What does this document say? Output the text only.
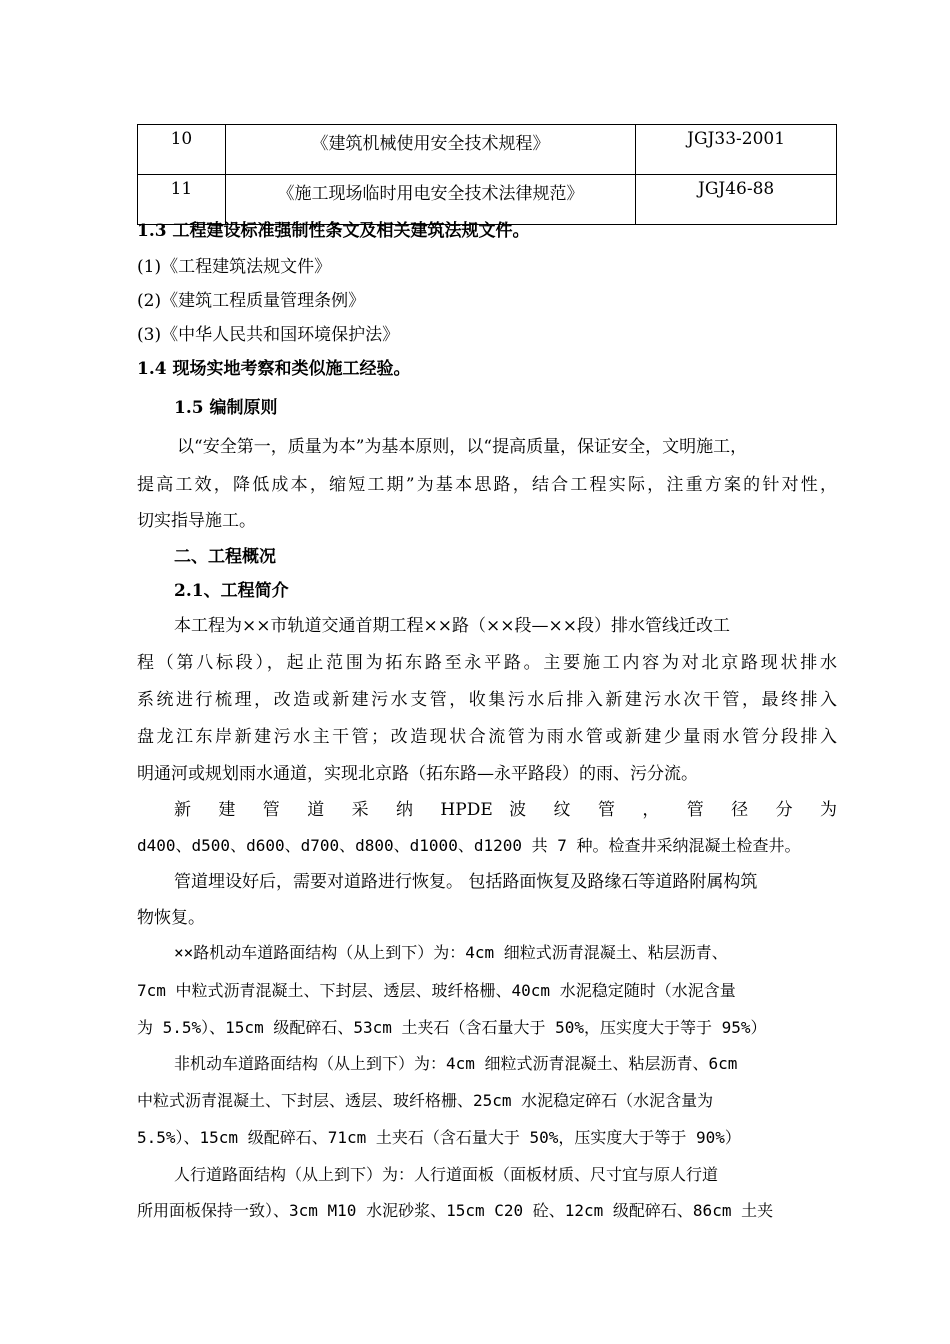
10	《建筑机械使用安全技术规程》	JGJ33-2001
11	《施工现场临时用电安全技术法律规范》	JGJ46-88
1.3 工程建设标准强制性条文及相关建筑法规文件。
(1)《工程建筑法规文件》
(2)《建筑工程质量管理条例》
(3)《中华人民共和国环境保护法》
1.4 现场实地考察和类似施工经验。
1.5 编制原则
以“安全第一，质量为本”为基本原则，以“提高质量，保证安全，文明施工，
提高工效，降低成本，缩短工期”为基本思路，结合工程实际，注重方案的针对性，
切实指导施工。
二、工程概况
2.1、工程简介
本工程为××市轨道交通首期工程××路（××段—××段）排水管线迁改工
程（第八标段），起止范围为拓东路至永平路。主要施工内容为对北京路现状排水
系统进行梳理，改造或新建污水支管，收集污水后排入新建污水次干管，最终排入
盘龙江东岸新建污水主干管；改造现状合流管为雨水管或新建少量雨水管分段排入
明通河或规划雨水通道，实现北京路（拓东路—永平路段）的雨、污分流。
新 建 管 道 采 纳 HPDE 波 纹 管 ， 管 径 分 为
d400、d500、d600、d700、d800、d1000、d1200 共 7 种。检查井采纳混凝土检查井。
管道埋设好后，需要对道路进行恢复。 包括路面恢复及路缘石等道路附属构筑
物恢复。
××路机动车道路面结构（从上到下）为：4cm 细粒式沥青混凝土、粘层沥青、
7cm 中粒式沥青混凝土、下封层、透层、玻纤格栅、40cm 水泥稳定随时（水泥含量
为 5.5%）、15cm 级配碎石、53cm 土夹石（含石量大于 50%，压实度大于等于 95%）
非机动车道路面结构（从上到下）为：4cm 细粒式沥青混凝土、粘层沥青、6cm
中粒式沥青混凝土、下封层、透层、玻纤格栅、25cm 水泥稳定碎石（水泥含量为
5.5%）、15cm 级配碎石、71cm 土夹石（含石量大于 50%，压实度大于等于 90%）
人行道路面结构（从上到下）为：人行道面板（面板材质、尺寸宜与原人行道
所用面板保持一致）、3cm M10 水泥砂浆、15cm C20 砼、12cm 级配碎石、86cm 土夹
